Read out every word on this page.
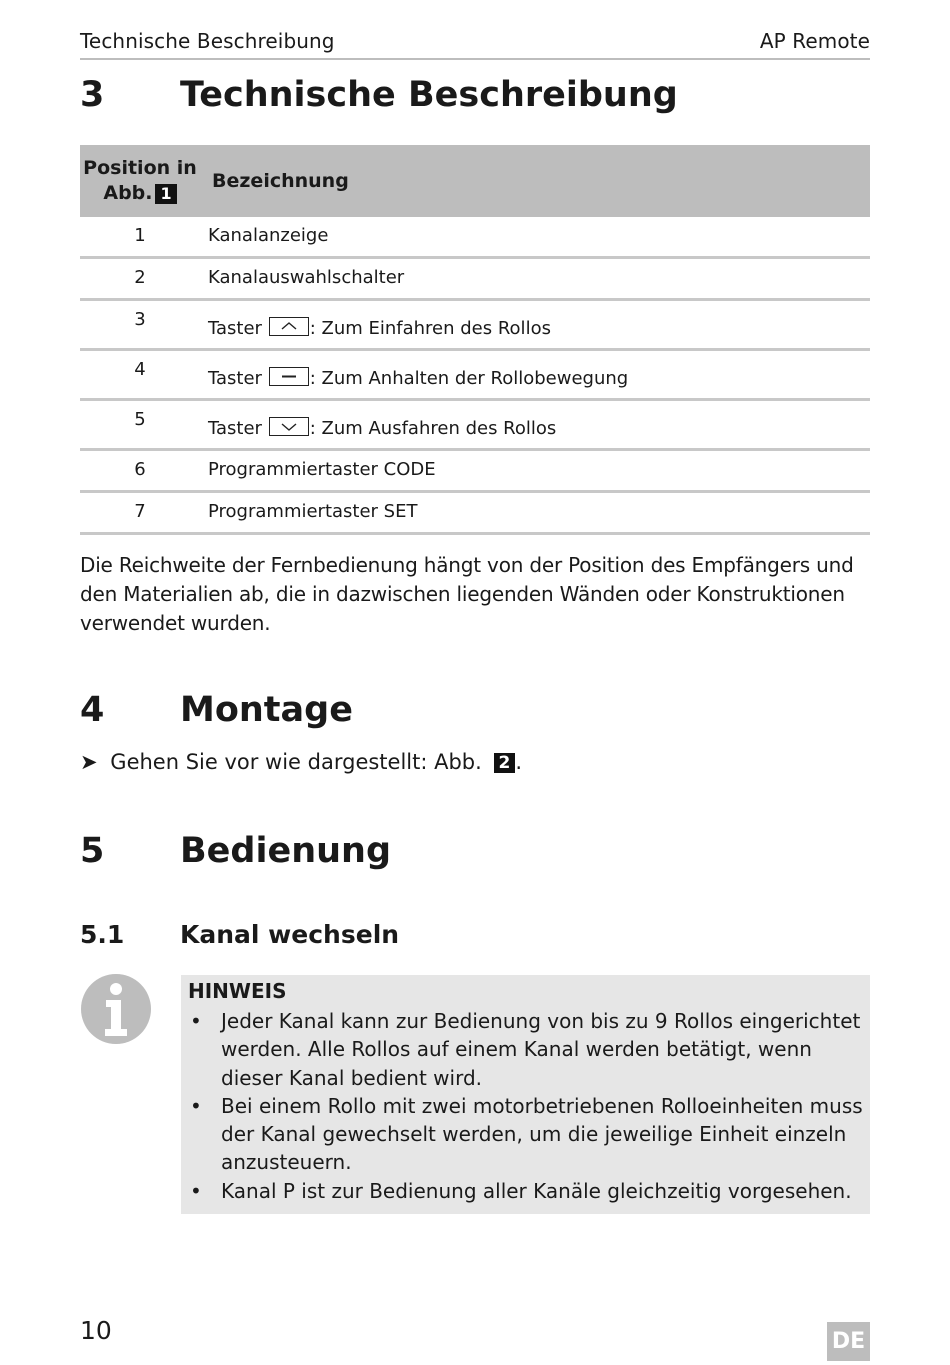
Technische Beschreibung	AP Remote
3 Technische Beschreibung
Position in
Abb. 1	Bezeichnung
1	Kanalanzeige
2	Kanalauswahlschalter
3	Taster : Zum Einfahren des Rollos
4	Taster : Zum Anhalten der Rollobewegung
5	Taster : Zum Ausfahren des Rollos
6	Programmiertaster CODE
7	Programmiertaster SET
Die Reichweite der Fernbedienung hängt von der Position des Empfängers und den Materialien ab, die in dazwischen liegenden Wänden oder Konstruktionen verwendet wurden.
4 Montage
➤ Gehen Sie vor wie dargestellt: Abb. 2 .
5 Bedienung
5.1 Kanal wechseln
HINWEIS
• Jeder Kanal kann zur Bedienung von bis zu 9 Rollos eingerichtet werden. Alle Rollos auf einem Kanal werden betätigt, wenn dieser Kanal bedient wird.
• Bei einem Rollo mit zwei motorbetriebenen Rolloeinheiten muss der Kanal gewechselt werden, um die jeweilige Einheit einzeln anzusteuern.
• Kanal P ist zur Bedienung aller Kanäle gleichzeitig vorgesehen.
10	DE
